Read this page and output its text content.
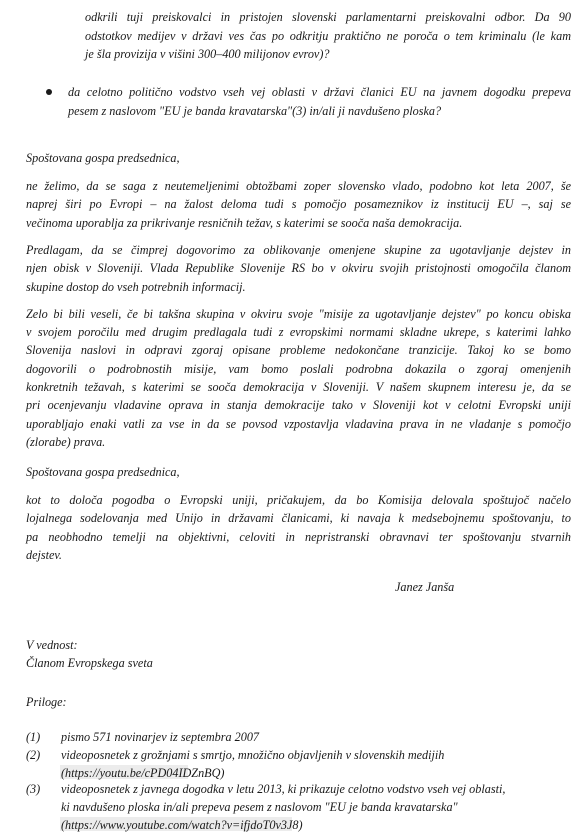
odkrili tuji preiskovalci in pristojen slovenski parlamentarni preiskovalni odbor. Da 90
odstotkov medijev v državi ves čas po odkritju praktično ne poroča o tem kriminalu (le kam
je šla provizija v višini 300–400 milijonov evrov)?
da celotno politično vodstvo vseh vej oblasti v državi članici EU na javnem dogodku prepeva
pesem z naslovom "EU je banda kravatarska"(3) in/ali ji navdušeno ploska?
Spoštovana gospa predsednica,
ne želimo, da se saga z neutemeljenimi obtožbami zoper slovensko vlado, podobno kot leta 2007, še
naprej širi po Evropi – na žalost deloma tudi s pomočjo posameznikov iz institucij EU –, saj se
večinoma uporablja za prikrivanje resničnih težav, s katerimi se sooča naša demokracija.
Predlagam, da se čimprej dogovorimo za oblikovanje omenjene skupine za ugotavljanje dejstev in
njen obisk v Sloveniji. Vlada Republike Slovenije RS bo v okviru svojih pristojnosti omogočila članom
skupine dostop do vseh potrebnih informacij.
Zelo bi bili veseli, če bi takšna skupina v okviru svoje "misije za ugotavljanje dejstev" po koncu obiska
v svojem poročilu med drugim predlagala tudi z evropskimi normami skladne ukrepe, s katerimi lahko
Slovenija naslovi in odpravi zgoraj opisane probleme nedokončane tranzicije. Takoj ko se bomo
dogovorili o podrobnostih misije, vam bomo poslali podrobna dokazila o zgoraj omenjenih
konkretnih težavah, s katerimi se sooča demokracija v Sloveniji. V našem skupnem interesu je, da se
pri ocenjevanju vladavine oprava in stanja demokracije tako v Sloveniji kot v celotni Evropski uniji
uporabljajo enaki vatli za vse in da se povsod vzpostavlja vladavina prava in ne vladanje s pomočjo
(zlorabe) prava.
Spoštovana gospa predsednica,
kot to določa pogodba o Evropski uniji, pričakujem, da bo Komisija delovala spoštujoč načelo
lojalnega sodelovanja med Unijo in državami članicami, ki navaja k medsebojnemu spoštovanju, to
pa neobhodno temelji na objektivni, celoviti in nepristranski obravnavi ter spoštovanju stvarnih
dejstev.
Janez Janša
V vednost:
Članom Evropskega sveta
Priloge:
(1) pismo 571 novinarjev iz septembra 2007
(2) videoposnetek z grožnjami s smrtjo, množično objavljenih v slovenskih medijih
(https://youtu.be/cPD04IDZnBQ)
(3) videoposnetek z javnega dogodka v letu 2013, ki prikazuje celotno vodstvo vseh vej oblasti,
ki navdušeno ploska in/ali prepeva pesem z naslovom "EU je banda kravatarska"
(https://www.youtube.com/watch?v=ifjdoT0v3J8)
